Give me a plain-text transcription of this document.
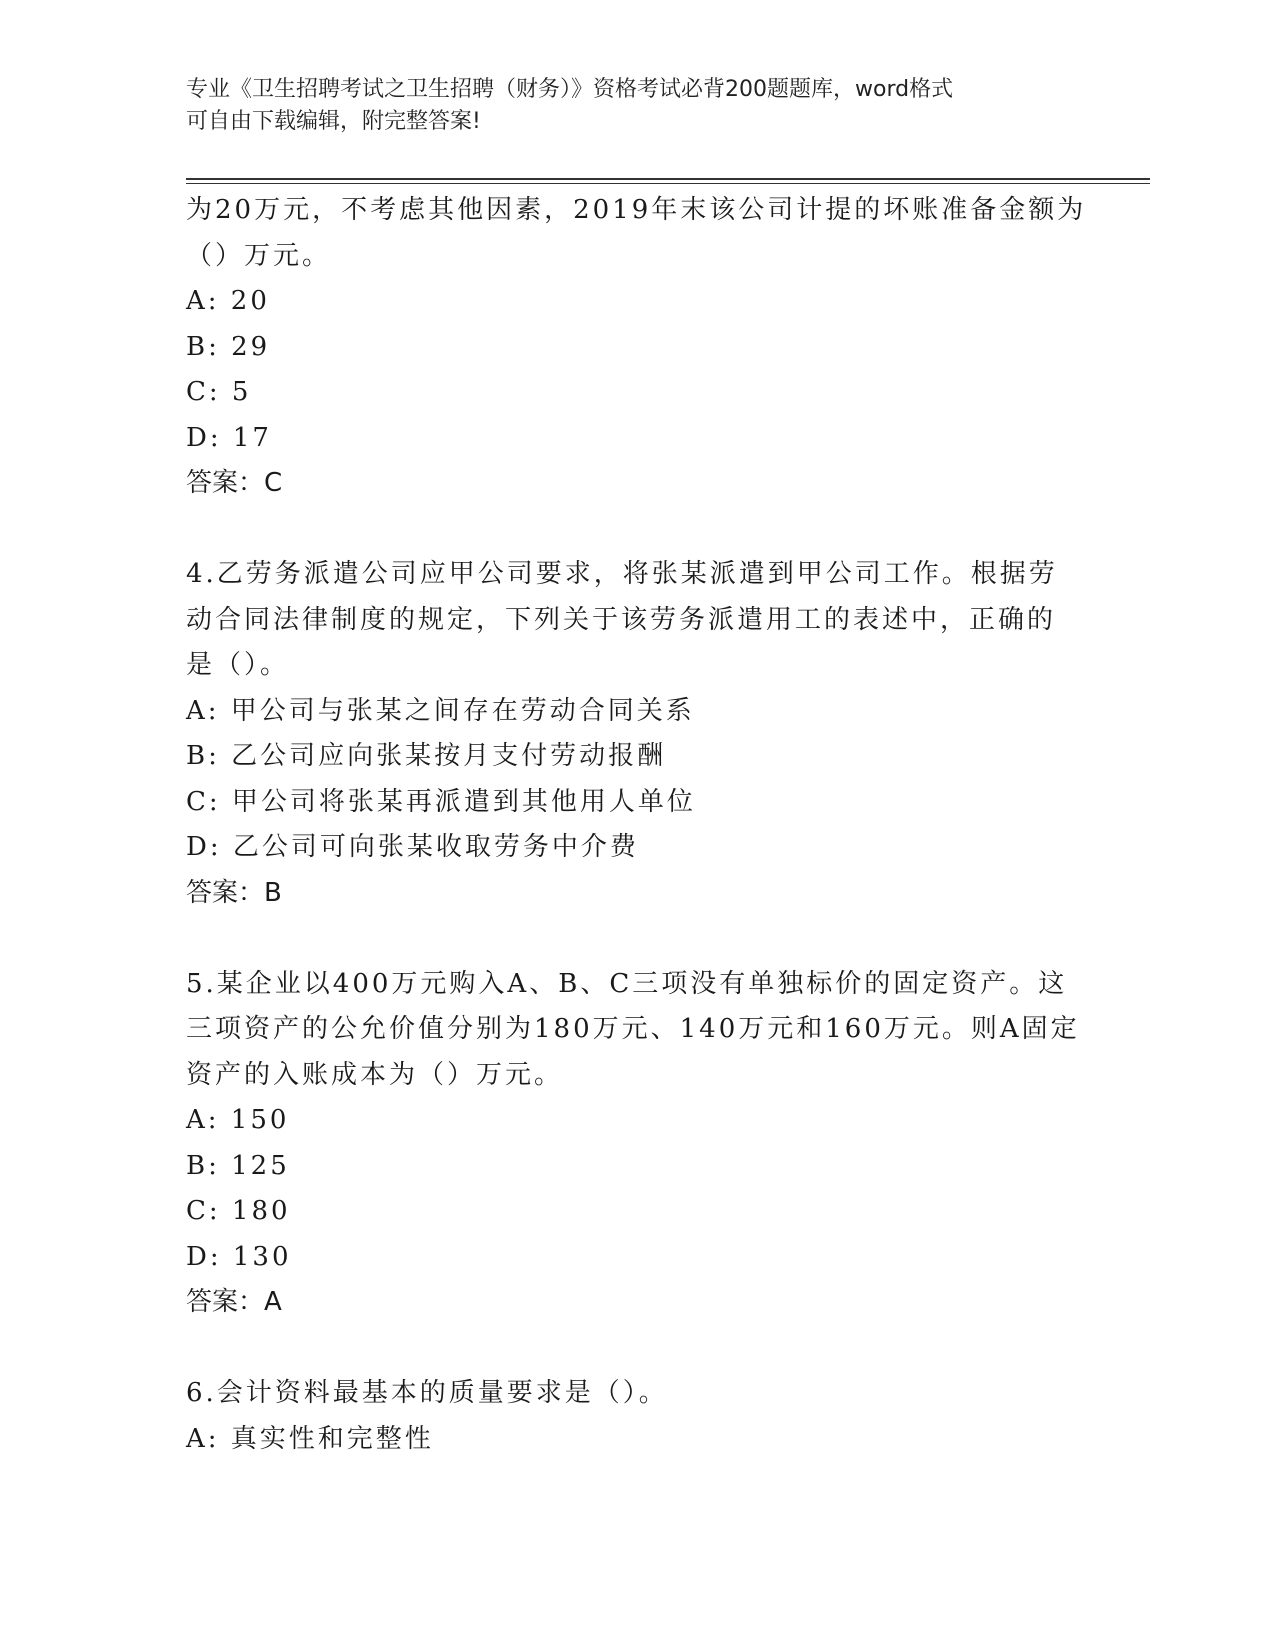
专业《卫生招聘考试之卫生招聘（财务）》资格考试必背200题题库，word格式
可自由下载编辑，附完整答案!
为20万元，不考虑其他因素，2019年末该公司计提的坏账准备金额为
（）万元。
A: 20
B: 29
C: 5
D: 17
答案：C
4.乙劳务派遣公司应甲公司要求，将张某派遣到甲公司工作。根据劳
动合同法律制度的规定，下列关于该劳务派遣用工的表述中，正确的
是（）。
A: 甲公司与张某之间存在劳动合同关系
B: 乙公司应向张某按月支付劳动报酬
C: 甲公司将张某再派遣到其他用人单位
D: 乙公司可向张某收取劳务中介费
答案：B
5.某企业以400万元购入A、B、C三项没有单独标价的固定资产。这
三项资产的公允价值分别为180万元、140万元和160万元。则A固定
资产的入账成本为（）万元。
A: 150
B: 125
C: 180
D: 130
答案：A
6.会计资料最基本的质量要求是（）。
A: 真实性和完整性
